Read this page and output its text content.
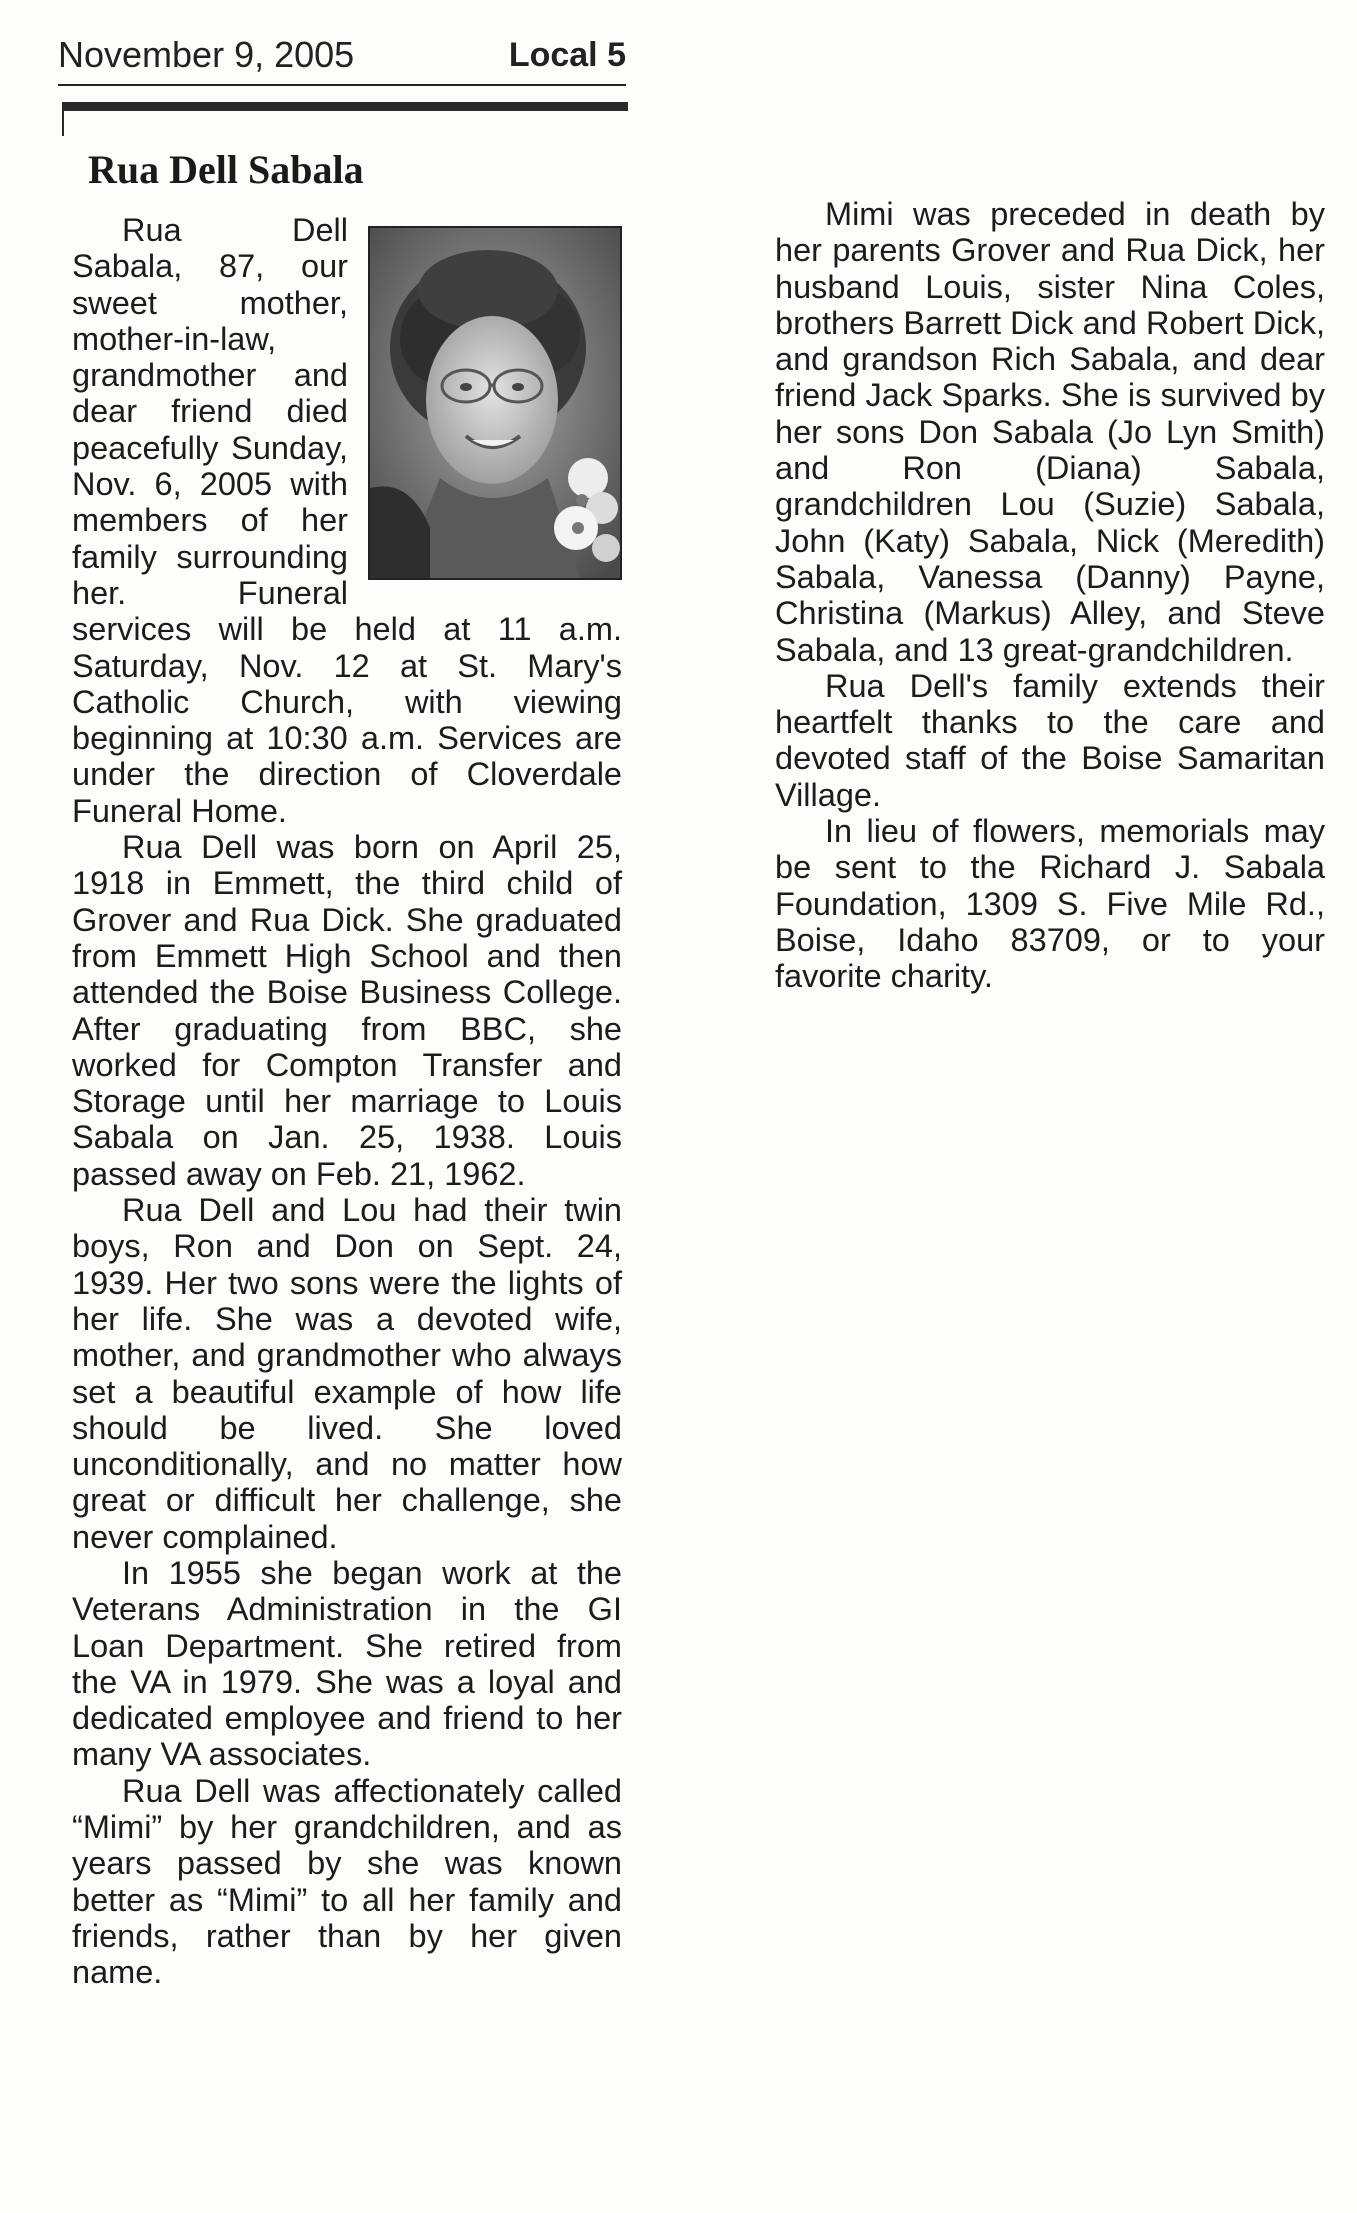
November 9, 2005	Local 5
Rua Dell Sabala

Rua Dell Sabala, 87, our sweet mother, mother-in-law, grandmother and dear friend died peacefully Sunday, Nov. 6, 2005 with members of her family surrounding her. Funeral services will be held at 11 a.m. Saturday, Nov. 12 at St. Mary's Catholic Church, with viewing beginning at 10:30 a.m. Services are under the direction of Cloverdale Funeral Home.

Rua Dell was born on April 25, 1918 in Emmett, the third child of Grover and Rua Dick. She graduated from Emmett High School and then attended the Boise Business College. After graduating from BBC, she worked for Compton Transfer and Storage until her marriage to Louis Sabala on Jan. 25, 1938. Louis passed away on Feb. 21, 1962.

Rua Dell and Lou had their twin boys, Ron and Don on Sept. 24, 1939. Her two sons were the lights of her life. She was a devoted wife, mother, and grandmother who always set a beautiful example of how life should be lived. She loved unconditionally, and no matter how great or difficult her challenge, she never complained.

In 1955 she began work at the Veterans Administration in the GI Loan Department. She retired from the VA in 1979. She was a loyal and dedicated employee and friend to her many VA associates.

Rua Dell was affectionately called “Mimi” by her grandchildren, and as years passed by she was known better as “Mimi” to all her family and friends, rather than by her given name.

Mimi was preceded in death by her parents Grover and Rua Dick, her husband Louis, sister Nina Coles, brothers Barrett Dick and Robert Dick, and grandson Rich Sabala, and dear friend Jack Sparks. She is survived by her sons Don Sabala (Jo Lyn Smith) and Ron (Diana) Sabala, grandchildren Lou (Suzie) Sabala, John (Katy) Sabala, Nick (Meredith) Sabala, Vanessa (Danny) Payne, Christina (Markus) Alley, and Steve Sabala, and 13 great-grandchildren.

Rua Dell's family extends their heartfelt thanks to the care and devoted staff of the Boise Samaritan Village.

In lieu of flowers, memorials may be sent to the Richard J. Sabala Foundation, 1309 S. Five Mile Rd., Boise, Idaho 83709, or to your favorite charity.
